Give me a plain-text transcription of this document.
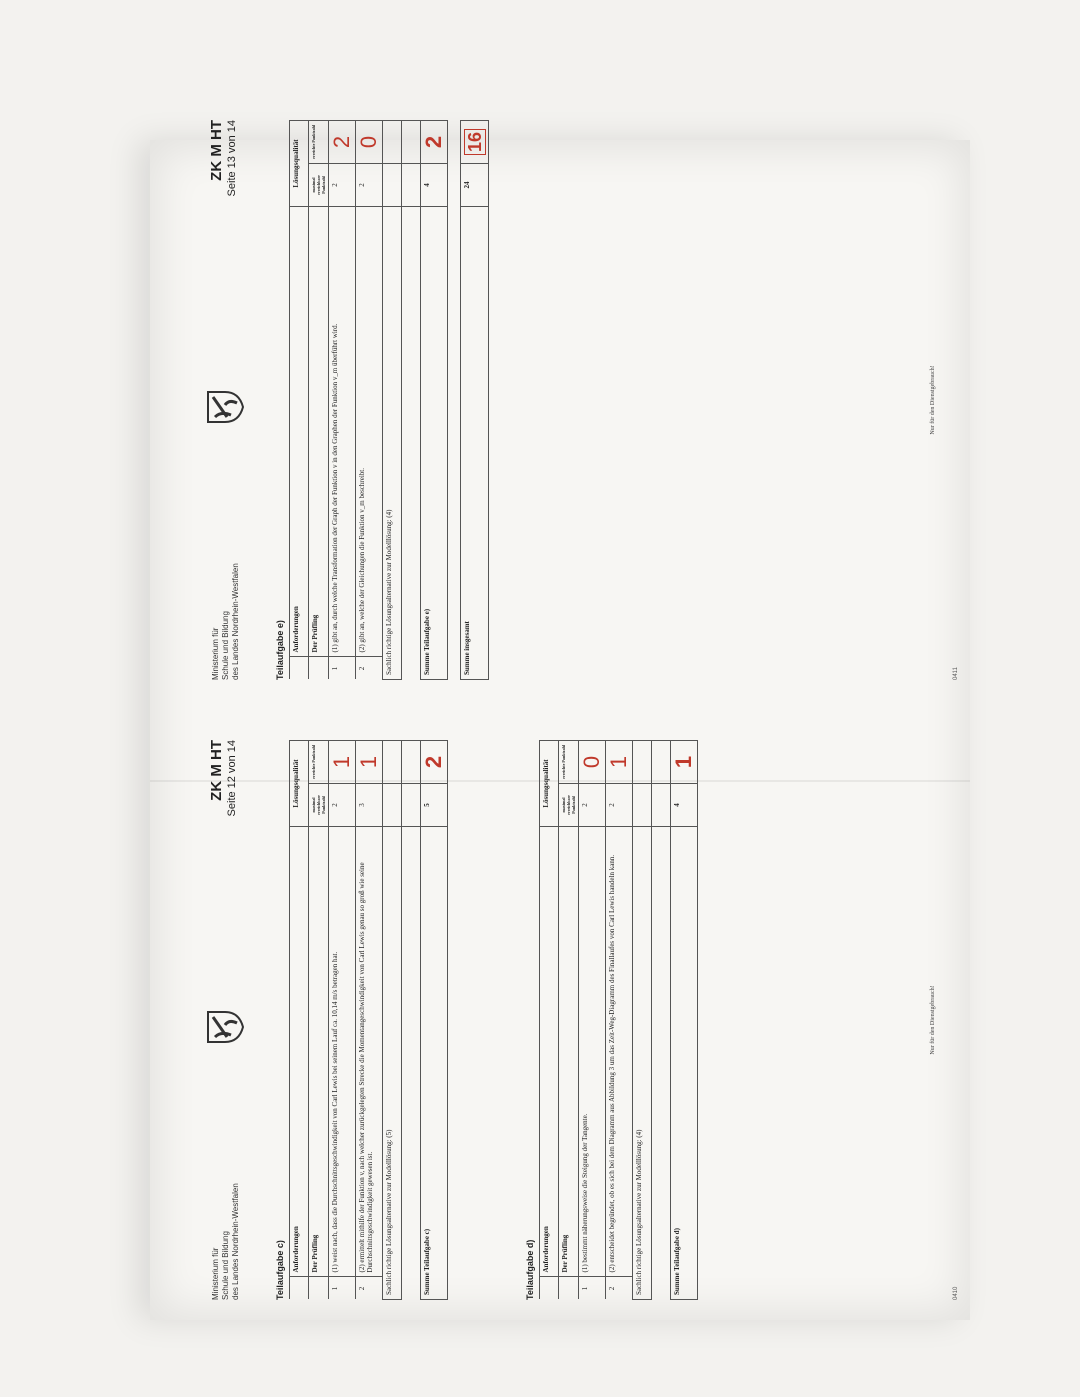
Ministerium für Schule und Bildung des Landes Nordrhein-Westfalen
ZK M HT Seite 12 von 14
Teilaufgabe c)
	Anforderungen	Lösungsqualität	
	Der Prüfling	maximal erreichbare Punktzahl	erreichte Punktzahl
1	(1) weist nach, dass die Durchschnittsgeschwindigkeit von Carl Lewis bei seinem Lauf ca. 10,14 m/s betragen hat.	2	1
2	(2) ermittelt mithilfe der Funktion v, nach welcher zurückgelegten Strecke die Momentangeschwindigkeit von Carl Lewis genau so groß wie seine Durchschnittsgeschwindigkeit gewesen ist.	3	1
Sachlich richtige Lösungsalternative zur Modelllösung: (5)			

Summe Teilaufgabe c)		5	2
Teilaufgabe d)
	Anforderungen	Lösungsqualität	
	Der Prüfling	maximal erreichbare Punktzahl	erreichte Punktzahl
1	(1) bestimmt näherungsweise die Steigung der Tangente.	2	0
2	(2) entscheidet begründet, ob es sich bei dem Diagramm aus Abbildung 3 um das Zeit-Weg-Diagramm des Finallaufes von Carl Lewis handeln kann.	2	1
Sachlich richtige Lösungsalternative zur Modelllösung: (4)			

Summe Teilaufgabe d)		4	1
Nur für den Dienstgebrauch!
0410
Ministerium für Schule und Bildung des Landes Nordrhein-Westfalen
ZK M HT Seite 13 von 14
Teilaufgabe e)
	Anforderungen	Lösungsqualität	
	Der Prüfling	maximal erreichbare Punktzahl	erreichte Punktzahl
1	(1) gibt an, durch welche Transformation der Graph der Funktion v in den Graphen der Funktion v_m überführt wird.	2	2
2	(2) gibt an, welche der Gleichungen die Funktion v_m beschreibt.	2	0
Sachlich richtige Lösungsalternative zur Modelllösung: (4)			

Summe Teilaufgabe e)		4	2

Summe insgesamt		24	16
Nur für den Dienstgebrauch!
0411
